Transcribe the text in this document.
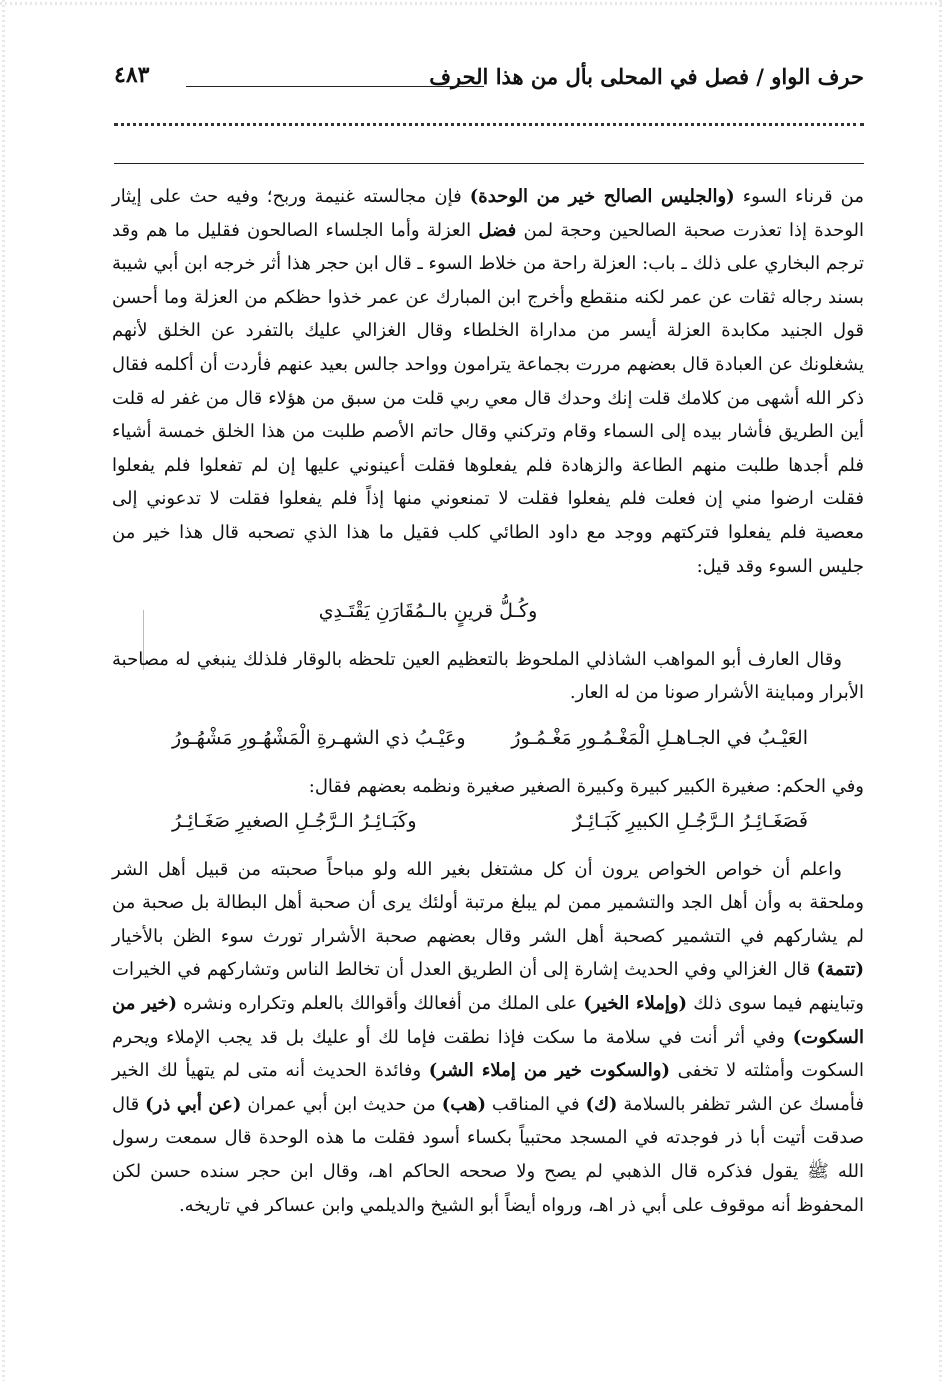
حرف الواو / فصل في المحلى بأل من هذا الحرف
٤٨٣

من قرناء السوء (والجليس الصالح خير من الوحدة) فإن مجالسته غنيمة وربح؛ وفيه حث على إيثار الوحدة إذا تعذرت صحبة الصالحين وحجة لمن فضل العزلة وأما الجلساء الصالحون فقليل ما هم وقد ترجم البخاري على ذلك ـ باب: العزلة راحة من خلاط السوء ـ قال ابن حجر هذا أثر خرجه ابن أبي شيبة بسند رجاله ثقات عن عمر لكنه منقطع وأخرج ابن المبارك عن عمر خذوا حظكم من العزلة وما أحسن قول الجنيد مكابدة العزلة أيسر من مداراة الخلطاء وقال الغزالي عليك بالتفرد عن الخلق لأنهم يشغلونك عن العبادة قال بعضهم مررت بجماعة يترامون وواحد جالس بعيد عنهم فأردت أن أكلمه فقال ذكر الله أشهى من كلامك قلت إنك وحدك قال معي ربي قلت من سبق من هؤلاء قال من غفر له قلت أين الطريق فأشار بيده إلى السماء وقام وتركني وقال حاتم الأصم طلبت من هذا الخلق خمسة أشياء فلم أجدها طلبت منهم الطاعة والزهادة فلم يفعلوها فقلت أعينوني عليها إن لم تفعلوا فلم يفعلوا فقلت ارضوا مني إن فعلت فلم يفعلوا فقلت لا تمنعوني منها إذاً فلم يفعلوا فقلت لا تدعوني إلى معصية فلم يفعلوا فتركتهم ووجد مع داود الطائي كلب فقيل ما هذا الذي تصحبه قال هذا خير من جليس السوء وقد قيل:

وكُـلُّ قرينٍ بالـمُقَارَنِ يَقْتَـدِي

وقال العارف أبو المواهب الشاذلي الملحوظ بالتعظيم العين تلحظه بالوقار فلذلك ينبغي له مصاحبة الأبرار ومباينة الأشرار صونا من له العار.

العَيْـبُ في الجـاهـلِ الْمَغْـمُـورِ مَغْـمُـورُ
وعَيْـبُ ذي الشهـرةِ الْمَشْهُـورِ مَشْهُـورُ

وفي الحكم: صغيرة الكبير كبيرة وكبيرة الصغير صغيرة ونظمه بعضهم فقال:

فَصَغَـائِـرُ الـرَّجُـلِ الكبيرِ كَبَـائِـرٌ
وكَبَـائِـرُ الـرَّجُـلِ الصغيرِ صَغَـائِـرُ

واعلم أن خواص الخواص يرون أن كل مشتغل بغير الله ولو مباحاً صحبته من قبيل أهل الشر وملحقة به وأن أهل الجد والتشمير ممن لم يبلغ مرتبة أولئك يرى أن صحبة أهل البطالة بل صحبة من لم يشاركهم في التشمير كصحبة أهل الشر وقال بعضهم صحبة الأشرار تورث سوء الظن بالأخيار (تتمة) قال الغزالي وفي الحديث إشارة إلى أن الطريق العدل أن تخالط الناس وتشاركهم في الخيرات وتباينهم فيما سوى ذلك (وإملاء الخير) على الملك من أفعالك وأقوالك بالعلم وتكراره ونشره (خير من السكوت) وفي أثر أنت في سلامة ما سكت فإذا نطقت فإما لك أو عليك بل قد يجب الإملاء ويحرم السكوت وأمثلته لا تخفى (والسكوت خير من إملاء الشر) وفائدة الحديث أنه متى لم يتهيأ لك الخير فأمسك عن الشر تظفر بالسلامة (ك) في المناقب (هب) من حديث ابن أبي عمران (عن أبي ذر) قال صدقت أتيت أبا ذر فوجدته في المسجد محتبياً بكساء أسود فقلت ما هذه الوحدة قال سمعت رسول الله ﷺ يقول فذكره قال الذهبي لم يصح ولا صححه الحاكم اهـ، وقال ابن حجر سنده حسن لكن المحفوظ أنه موقوف على أبي ذر اهـ، ورواه أيضاً أبو الشيخ والديلمي وابن عساكر في تاريخه.
